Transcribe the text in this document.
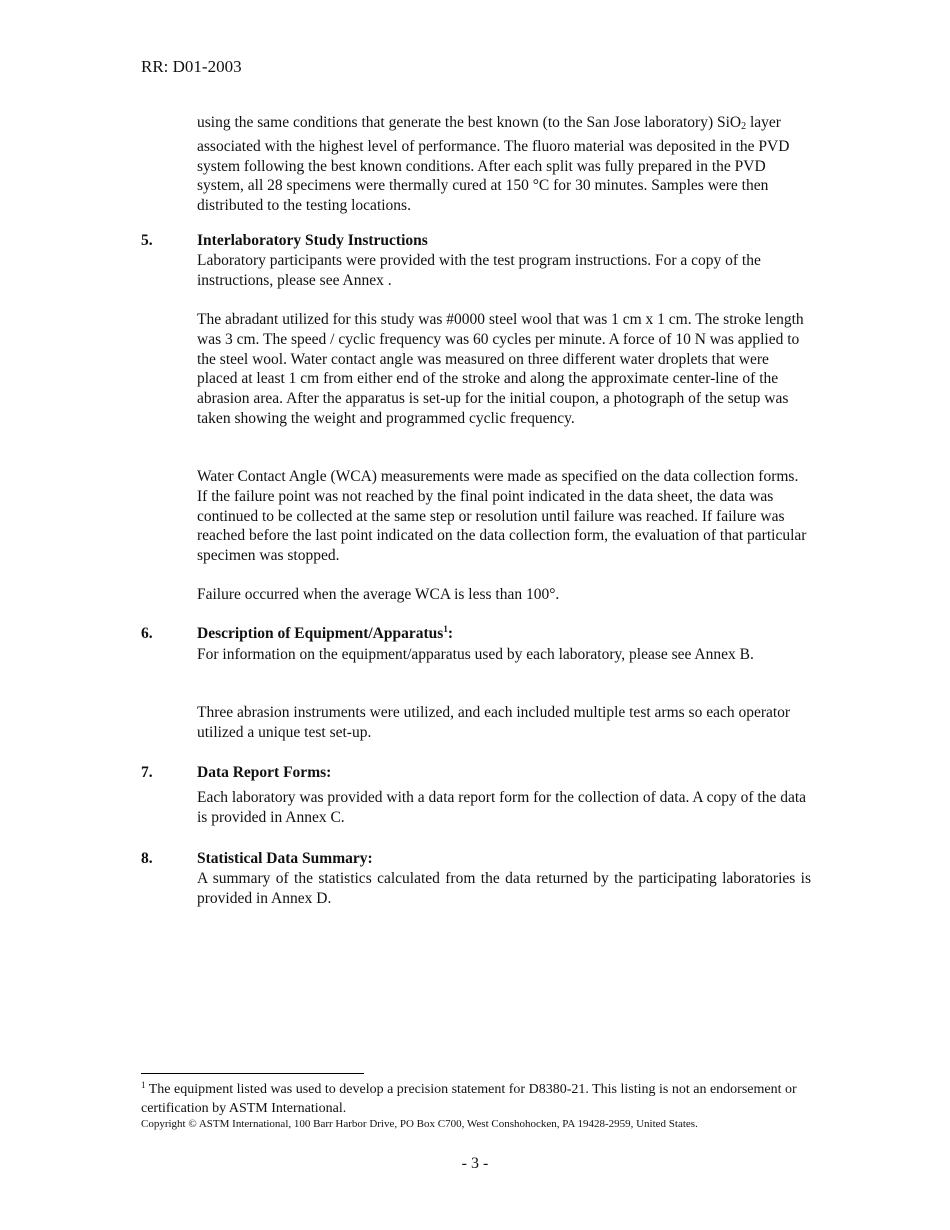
RR: D01-2003
using the same conditions that generate the best known (to the San Jose laboratory) SiO$_2$ layer associated with the highest level of performance. The fluoro material was deposited in the PVD system following the best known conditions. After each split was fully prepared in the PVD system, all 28 specimens were thermally cured at 150 °C for 30 minutes. Samples were then distributed to the testing locations.
5.	Interlaboratory Study Instructions
Laboratory participants were provided with the test program instructions. For a copy of the instructions, please see Annex .
The abradant utilized for this study was #0000 steel wool that was 1 cm x 1 cm. The stroke length was 3 cm. The speed / cyclic frequency was 60 cycles per minute. A force of 10 N was applied to the steel wool. Water contact angle was measured on three different water droplets that were placed at least 1 cm from either end of the stroke and along the approximate center-line of the abrasion area. After the apparatus is set-up for the initial coupon, a photograph of the setup was taken showing the weight and programmed cyclic frequency.
Water Contact Angle (WCA) measurements were made as specified on the data collection forms. If the failure point was not reached by the final point indicated in the data sheet, the data was continued to be collected at the same step or resolution until failure was reached. If failure was reached before the last point indicated on the data collection form, the evaluation of that particular specimen was stopped.
Failure occurred when the average WCA is less than 100°.
6.	Description of Equipment/Apparatus$^1$:
For information on the equipment/apparatus used by each laboratory, please see Annex B.
Three abrasion instruments were utilized, and each included multiple test arms so each operator utilized a unique test set-up.
7.	Data Report Forms:
Each laboratory was provided with a data report form for the collection of data. A copy of the data is provided in Annex C.
8.	Statistical Data Summary:
A summary of the statistics calculated from the data returned by the participating laboratories is provided in Annex D.
$^1$ The equipment listed was used to develop a precision statement for D8380-21. This listing is not an endorsement or certification by ASTM International.
Copyright © ASTM International, 100 Barr Harbor Drive, PO Box C700, West Conshohocken, PA 19428-2959, United States.
- 3 -
